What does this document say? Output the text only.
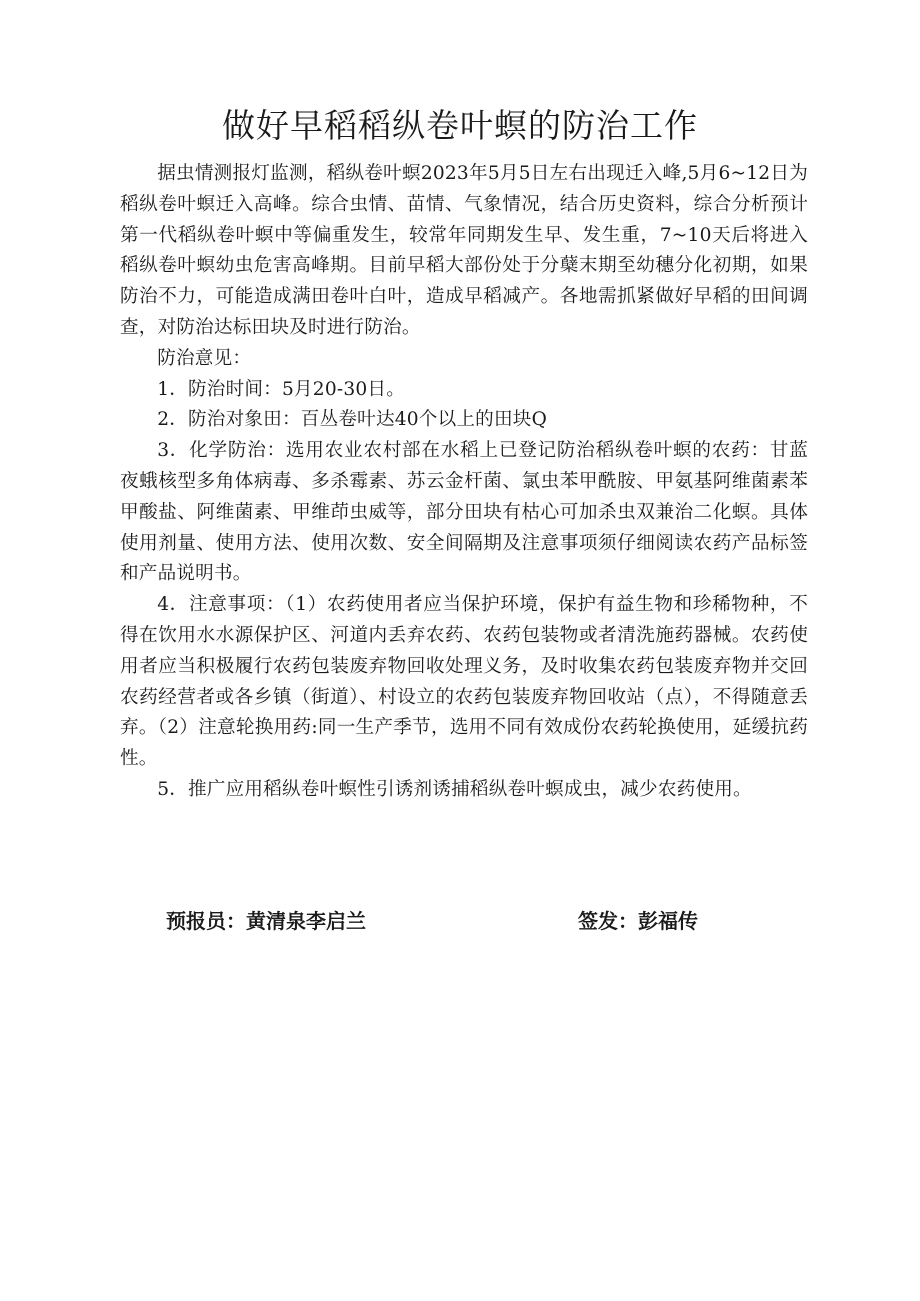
做好早稻稻纵卷叶螟的防治工作

据虫情测报灯监测，稻纵卷叶螟2023年5月5日左右出现迁入峰,5月6~12日为稻纵卷叶螟迁入高峰。综合虫情、苗情、气象情况，结合历史资料，综合分析预计第一代稻纵卷叶螟中等偏重发生，较常年同期发生早、发生重，7~10天后将进入稻纵卷叶螟幼虫危害高峰期。目前早稻大部份处于分蘖末期至幼穗分化初期，如果防治不力，可能造成满田卷叶白叶，造成早稻减产。各地需抓紧做好早稻的田间调查，对防治达标田块及时进行防治。

防治意见：

1．防治时间：5月20-30日。

2．防治对象田：百丛卷叶达40个以上的田块Q

3．化学防治：选用农业农村部在水稻上已登记防治稻纵卷叶螟的农药：甘蓝夜蛾核型多角体病毒、多杀霉素、苏云金杆菌、氯虫苯甲酰胺、甲氨基阿维菌素苯甲酸盐、阿维菌素、甲维茚虫威等，部分田块有枯心可加杀虫双兼治二化螟。具体使用剂量、使用方法、使用次数、安全间隔期及注意事项须仔细阅读农药产品标签和产品说明书。

4．注意事项：（1）农药使用者应当保护环境，保护有益生物和珍稀物种，不得在饮用水水源保护区、河道内丢弃农药、农药包装物或者清洗施药器械。农药使用者应当积极履行农药包装废弃物回收处理义务，及时收集农药包装废弃物并交回农药经营者或各乡镇（街道）、村设立的农药包装废弃物回收站（点），不得随意丢弃。（2）注意轮换用药:同一生产季节，选用不同有效成份农药轮换使用，延缓抗药性。

5．推广应用稻纵卷叶螟性引诱剂诱捕稻纵卷叶螟成虫，减少农药使用。

预报员：黄清泉李启兰	签发：彭福传
